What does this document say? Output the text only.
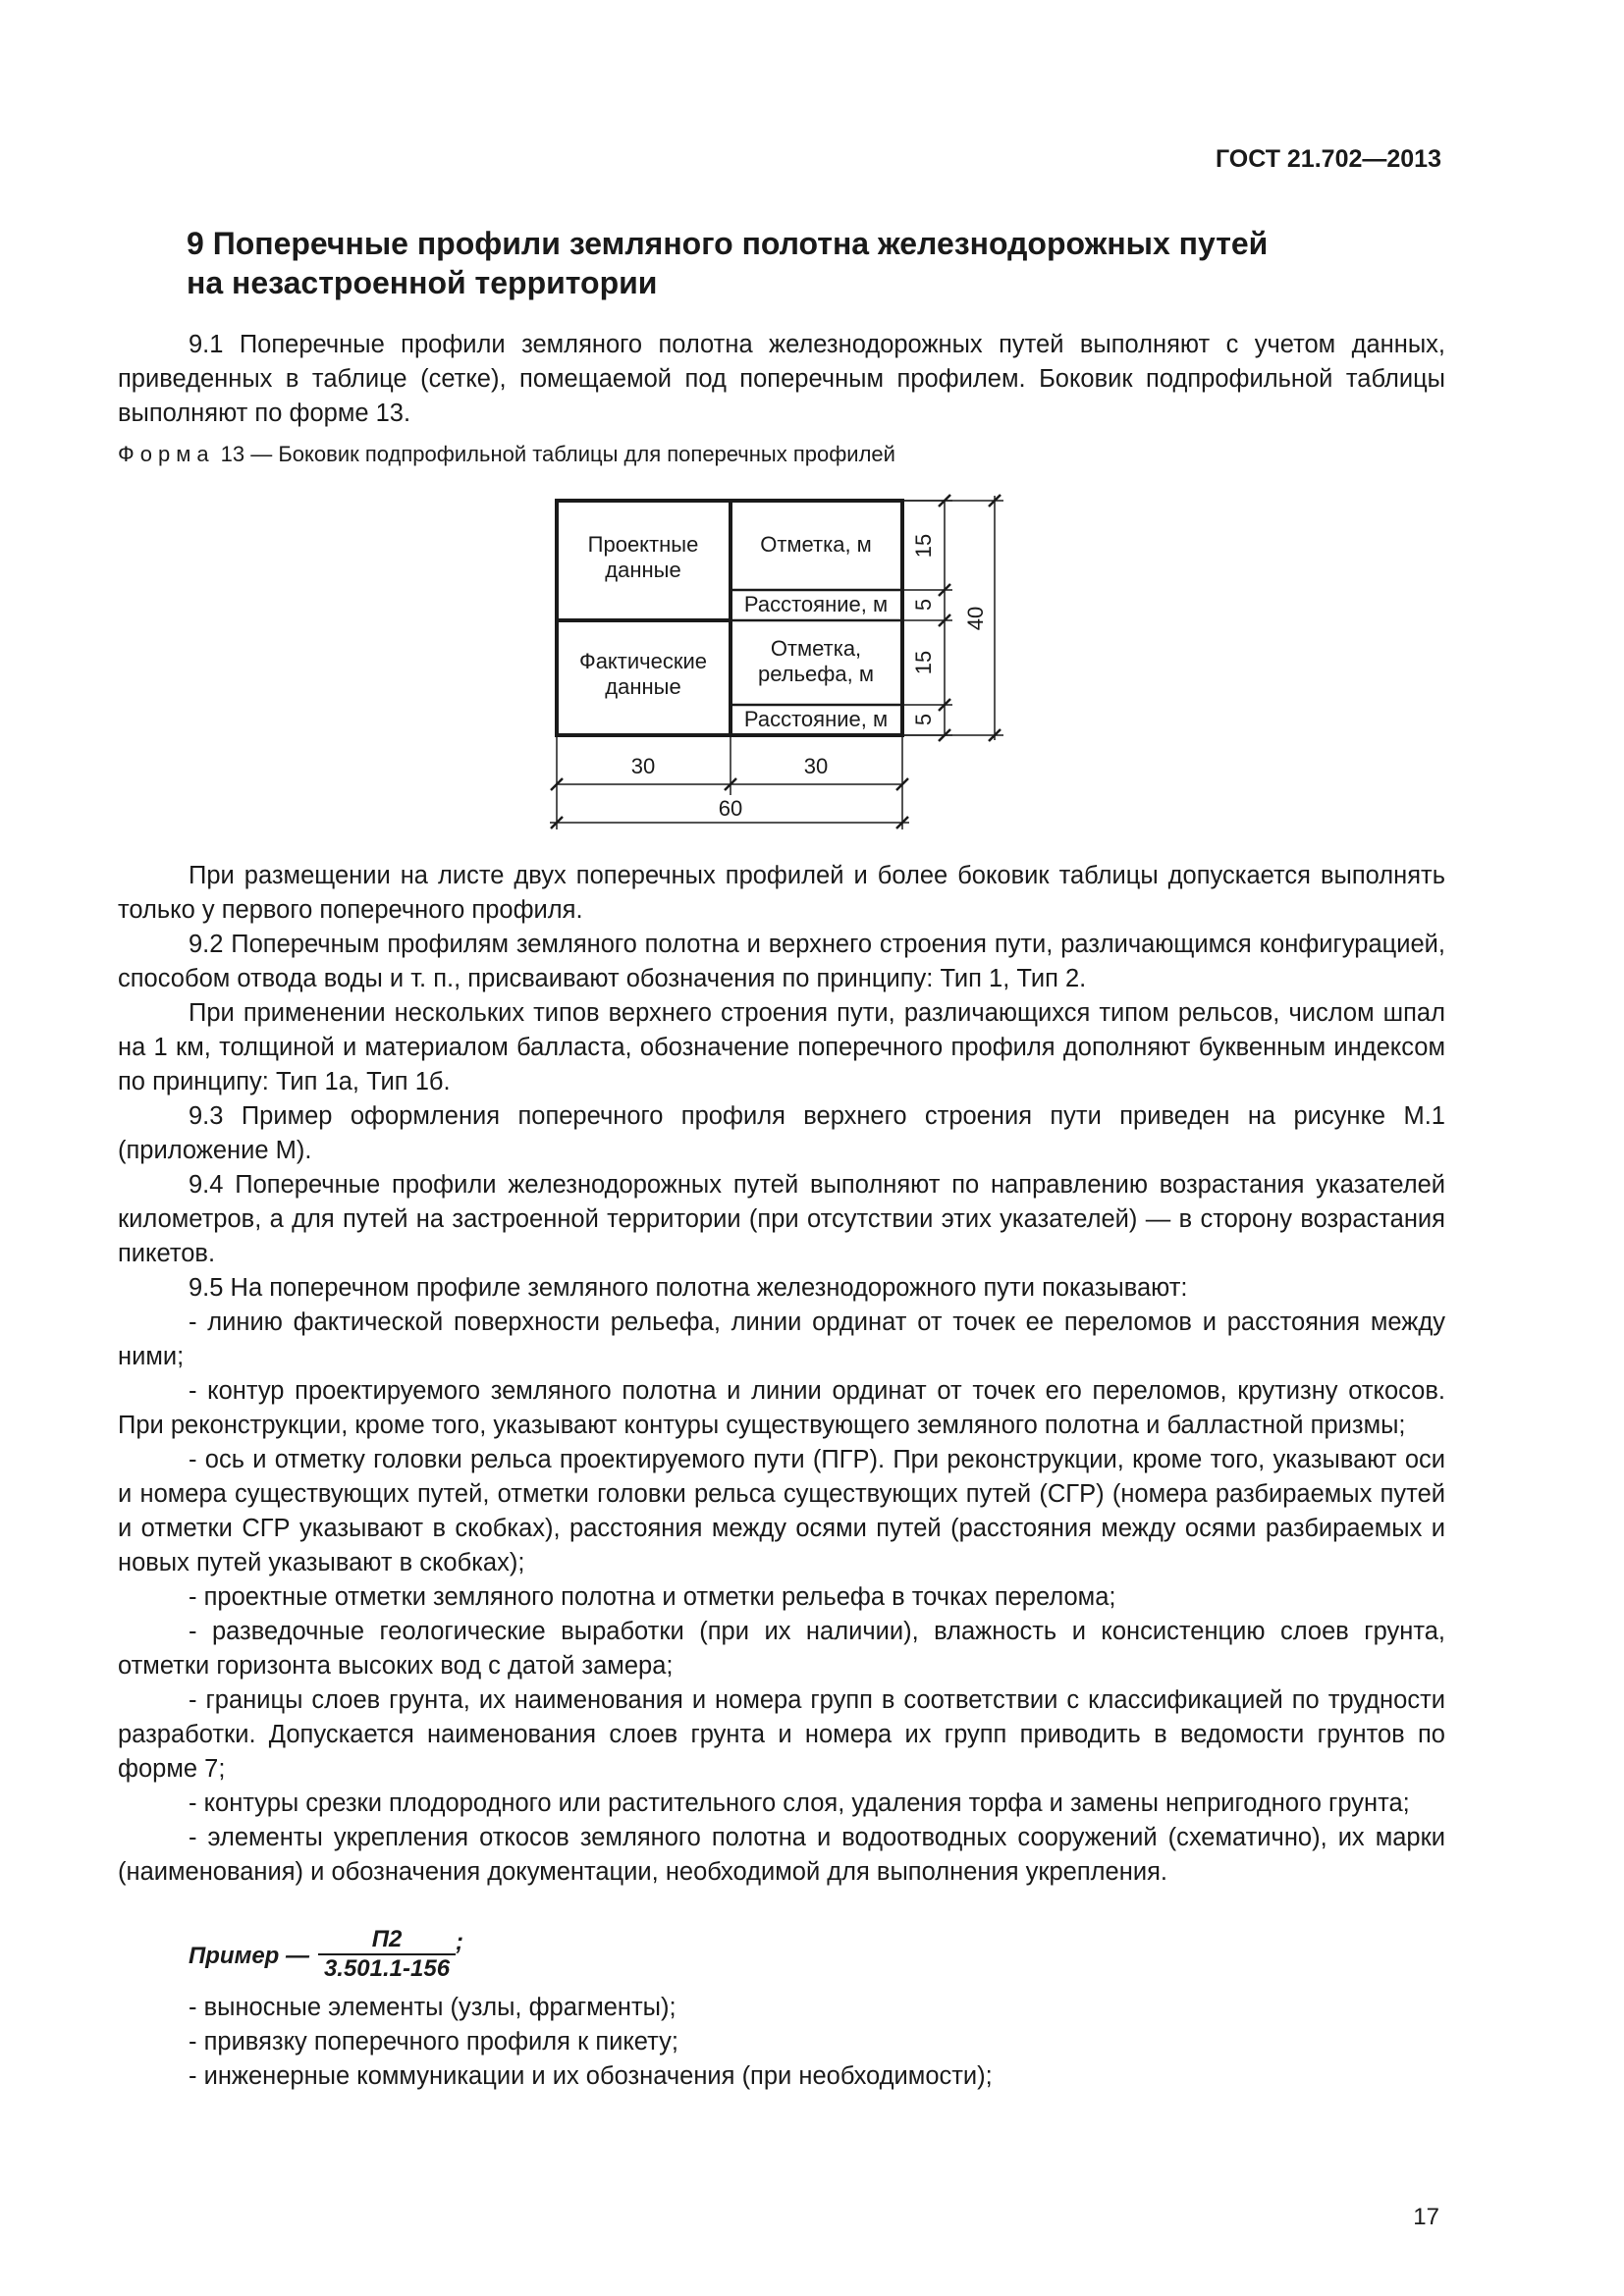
ГОСТ 21.702—2013
9 Поперечные профили земляного полотна железнодорожных путей
на незастроенной территории

9.1 Поперечные профили земляного полотна железнодорожных путей выполняют с учетом данных, приведенных в таблице (сетке), помещаемой под поперечным профилем. Боковик подпрофильной таблицы выполняют по форме 13.

Форма 13 — Боковик подпрофильной таблицы для поперечных профилей
Проектные
данные
Фактические
данные
Отметка, м
Расстояние, м
Отметка,
рельефа, м
Расстояние, м
15
5
15
5
40
30	30
60

При размещении на листе двух поперечных профилей и более боковик таблицы допускается выполнять только у первого поперечного профиля.

9.2 Поперечным профилям земляного полотна и верхнего строения пути, различающимся конфигурацией, способом отвода воды и т. п., присваивают обозначения по принципу: Тип 1, Тип 2.

При применении нескольких типов верхнего строения пути, различающихся типом рельсов, числом шпал на 1 км, толщиной и материалом балласта, обозначение поперечного профиля дополняют буквенным индексом по принципу: Тип 1а, Тип 1б.

9.3 Пример оформления поперечного профиля верхнего строения пути приведен на рисунке М.1 (приложение М).

9.4 Поперечные профили железнодорожных путей выполняют по направлению возрастания указателей километров, а для путей на застроенной территории (при отсутствии этих указателей) — в сторону возрастания пикетов.

9.5 На поперечном профиле земляного полотна железнодорожного пути показывают:

- линию фактической поверхности рельефа, линии ординат от точек ее переломов и расстояния между ними;

- контур проектируемого земляного полотна и линии ординат от точек его переломов, крутизну откосов. При реконструкции, кроме того, указывают контуры существующего земляного полотна и балластной призмы;

- ось и отметку головки рельса проектируемого пути (ПГР). При реконструкции, кроме того, указывают оси и номера существующих путей, отметки головки рельса существующих путей (СГР) (номера разбираемых путей и отметки СГР указывают в скобках), расстояния между осями путей (расстояния между осями разбираемых и новых путей указывают в скобках);

- проектные отметки земляного полотна и отметки рельефа в точках перелома;

- разведочные геологические выработки (при их наличии), влажность и консистенцию слоев грунта, отметки горизонта высоких вод с датой замера;

- границы слоев грунта, их наименования и номера групп в соответствии с классификацией по трудности разработки. Допускается наименования слоев грунта и номера их групп приводить в ведомости грунтов по форме 7;

- контуры срезки плодородного или растительного слоя, удаления торфа и замены непригодного грунта;

- элементы укрепления откосов земляного полотна и водоотводных сооружений (схематично), их марки (наименования) и обозначения документации, необходимой для выполнения укрепления.

Пример —
П2
3.501.1-156
;

- выносные элементы (узлы, фрагменты);

- привязку поперечного профиля к пикету;

- инженерные коммуникации и их обозначения (при необходимости);

17
